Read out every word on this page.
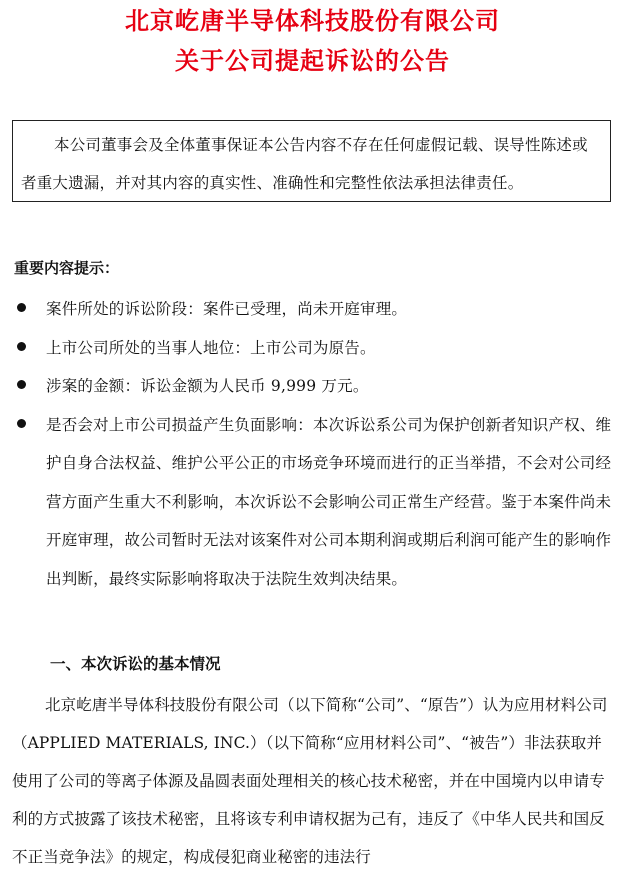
北京屹唐半导体科技股份有限公司
关于公司提起诉讼的公告
本公司董事会及全体董事保证本公告内容不存在任何虚假记载、误导性陈述或者重大遗漏，并对其内容的真实性、准确性和完整性依法承担法律责任。
重要内容提示：
案件所处的诉讼阶段：案件已受理，尚未开庭审理。
上市公司所处的当事人地位：上市公司为原告。
涉案的金额：诉讼金额为人民币 9,999 万元。
是否会对上市公司损益产生负面影响：本次诉讼系公司为保护创新者知识产权、维护自身合法权益、维护公平公正的市场竞争环境而进行的正当举措，不会对公司经营方面产生重大不利影响，本次诉讼不会影响公司正常生产经营。鉴于本案件尚未开庭审理，故公司暂时无法对该案件对公司本期利润或期后利润可能产生的影响作出判断，最终实际影响将取决于法院生效判决结果。
一、本次诉讼的基本情况
北京屹唐半导体科技股份有限公司（以下简称“公司”、“原告”）认为应用材料公司（APPLIED MATERIALS, INC.）（以下简称“应用材料公司”、“被告”）非法获取并使用了公司的等离子体源及晶圆表面处理相关的核心技术秘密，并在中国境内以申请专利的方式披露了该技术秘密，且将该专利申请权据为己有，违反了《中华人民共和国反不正当竞争法》的规定，构成侵犯商业秘密的违法行
